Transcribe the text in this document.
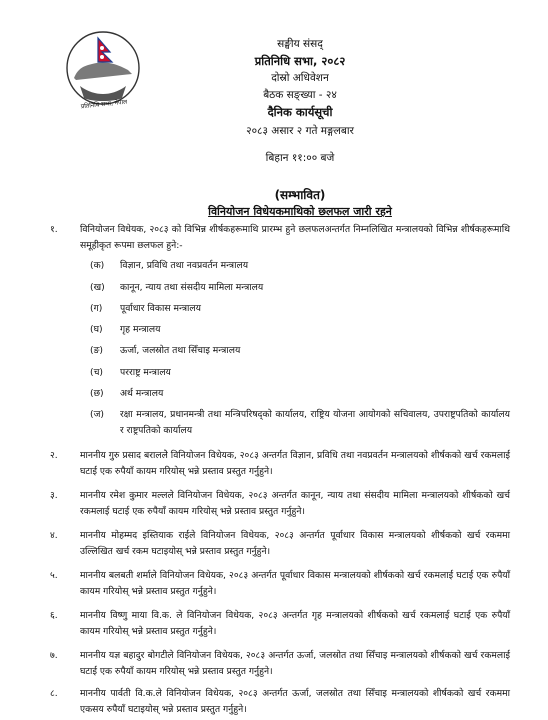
प्रतिनिधि सभा, नेपाल
सङ्घीय संसद्
प्रतिनिधि सभा, २०८२
दोस्रो अधिवेशन
बैठक सङ्ख्या - २४
दैनिक कार्यसूची
२०८३ असार २ गते मङ्गलबार
बिहान ११:०० बजे
(सम्भावित)
विनियोजन विधेयकमाथिको छलफल जारी रहने
१.	विनियोजन विधेयक, २०८३ को विभिन्न शीर्षकहरूमाथि प्रारम्भ हुने छलफलअन्तर्गत निम्नलिखित मन्त्रालयको विभिन्न शीर्षकहरूमाथि समूहीकृत रूपमा छलफल हुने:-
(क)	विज्ञान, प्रविधि तथा नवप्रवर्तन मन्त्रालय
(ख)	कानून, न्याय तथा संसदीय मामिला मन्त्रालय
(ग)	पूर्वाधार विकास मन्त्रालय
(घ)	गृह मन्त्रालय
(ङ)	ऊर्जा, जलस्रोत तथा सिँचाइ मन्त्रालय
(च)	परराष्ट्र मन्त्रालय
(छ)	अर्थ मन्त्रालय
(ज)	रक्षा मन्त्रालय, प्रधानमन्त्री तथा मन्त्रिपरिषद्को कार्यालय, राष्ट्रिय योजना आयोगको सचिवालय, उपराष्ट्रपतिको कार्यालय र राष्ट्रपतिको कार्यालय
२.	माननीय गुरु प्रसाद बराललेे विनियोजन विधेयक, २०८३ अन्तर्गत विज्ञान, प्रविधि तथा नवप्रवर्तन मन्त्रालयको शीर्षकको खर्च रकमलाई घटाई एक रुपैयाँ कायम गरियोस् भन्ने प्रस्ताव प्रस्तुत गर्नुहुने।
३.	माननीय रमेश कुमार मल्लले विनियोजन विधेयक, २०८३ अन्तर्गत कानून, न्याय तथा संसदीय मामिला मन्त्रालयको शीर्षकको खर्च रकमलाई घटाई एक रुपैयाँ कायम गरियोस् भन्ने प्रस्ताव प्रस्तुत गर्नुहुने।
४.	माननीय मोहम्मद इस्तियाक राईले विनियोजन विधेयक, २०८३ अन्तर्गत पूर्वाधार विकास मन्त्रालयको शीर्षकको खर्च रकममा उल्लिखित खर्च रकम घटाइयोस् भन्ने प्रस्ताव प्रस्तुत गर्नुहुने।
५.	माननीय बलबती शर्माले विनियोजन विधेयक, २०८३ अन्तर्गत पूर्वाधार विकास मन्त्रालयको शीर्षकको खर्च रकमलाई घटाई एक रुपैयाँ कायम गरियोस् भन्ने प्रस्ताव प्रस्तुत गर्नुहुने।
६.	माननीय विष्णु माया वि.क. ले विनियोजन विधेयक, २०८३ अन्तर्गत गृह मन्त्रालयको शीर्षकको खर्च रकमलाई घटाई एक रुपैयाँ कायम गरियोस् भन्ने प्रस्ताव प्रस्तुत गर्नुहुने।
७.	माननीय यज्ञ बहादुर बोगटीले विनियोजन विधेयक, २०८३ अन्तर्गत ऊर्जा, जलस्रोत तथा सिँचाइ मन्त्रालयको शीर्षकको खर्च रकमलाई घटाई एक रुपैयाँ कायम गरियोस् भन्ने प्रस्ताव प्रस्तुत गर्नुहुने।
८.	माननीय पार्वती वि.क.ले विनियोजन विधेयक, २०८३ अन्तर्गत ऊर्जा, जलस्रोत तथा सिँचाइ मन्त्रालयको शीर्षकको खर्च रकममा एकसय रुपैयाँ घटाइयोस् भन्ने प्रस्ताव प्रस्तुत गर्नुहुने।
